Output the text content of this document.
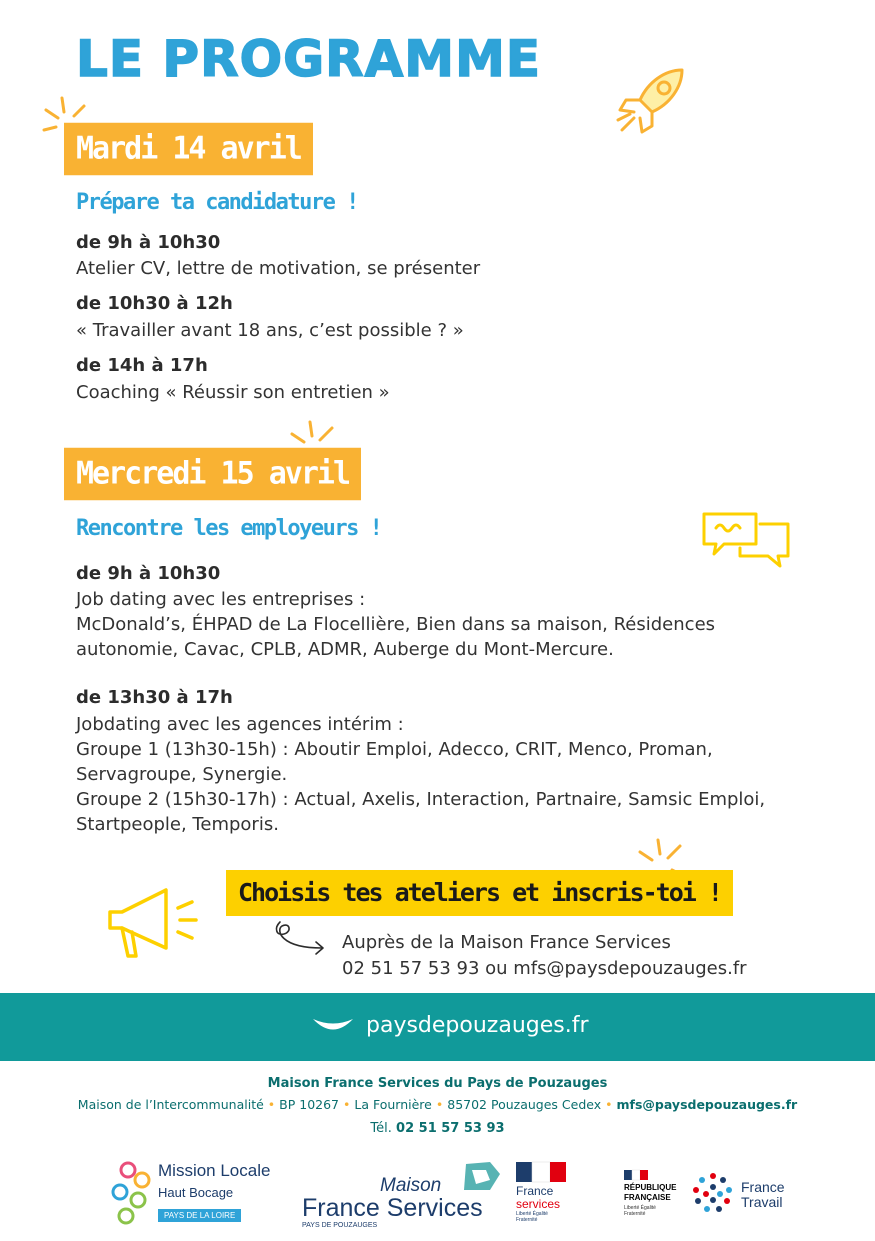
LE PROGRAMME
Mardi 14 avril
Prépare ta candidature !
de 9h à 10h30
Atelier CV, lettre de motivation, se présenter
de 10h30 à 12h
« Travailler avant 18 ans, c’est possible ? »
de 14h à 17h
Coaching « Réussir son entretien »
Mercredi 15 avril
Rencontre les employeurs !
de 9h à 10h30
Job dating avec les entreprises :
McDonald’s, ÉHPAD de La Flocellière, Bien dans sa maison, Résidences
autonomie, Cavac, CPLB, ADMR, Auberge du Mont-Mercure.
de 13h30 à 17h
Jobdating avec les agences intérim :
Groupe 1 (13h30-15h) : Aboutir Emploi, Adecco, CRIT, Menco, Proman,
Servagroupe, Synergie.
Groupe 2 (15h30-17h) : Actual, Axelis, Interaction, Partnaire, Samsic Emploi,
Startpeople, Temporis.
Choisis tes ateliers et inscris-toi !
Auprès de la Maison France Services
02 51 57 53 93 ou mfs@paysdepouzauges.fr
paysdepouzauges.fr
Maison France Services du Pays de Pouzauges
Maison de l’Intercommunalité • BP 10267 • La Fournière • 85702 Pouzauges Cedex • mfs@paysdepouzauges.fr
Tél. 02 51 57 53 93
Mission Locale
Haut Bocage
PAYS DE LA LOIRE
Maison
France Services
PAYS DE POUZAUGES
France
services
Liberté Égalité Fraternité
RÉPUBLIQUE FRANÇAISE
Liberté Égalité Fraternité
France
Travail
